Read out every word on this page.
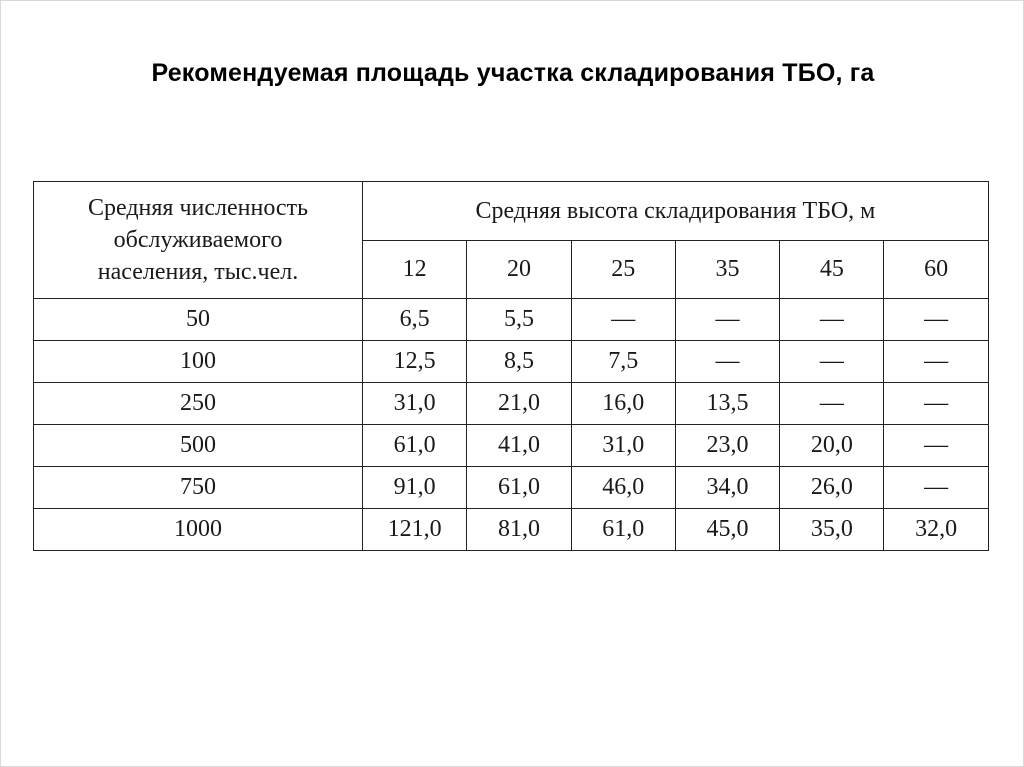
Рекомендуемая площадь участка складирования ТБО, га
Средняя численность
обслуживаемого
населения, тыс.чел.	Средняя высота складирования ТБО, м					
	12	20	25	35	45	60
50	6,5	5,5	—	—	—	—
100	12,5	8,5	7,5	—	—	—
250	31,0	21,0	16,0	13,5	—	—
500	61,0	41,0	31,0	23,0	20,0	—
750	91,0	61,0	46,0	34,0	26,0	—
1000	121,0	81,0	61,0	45,0	35,0	32,0
